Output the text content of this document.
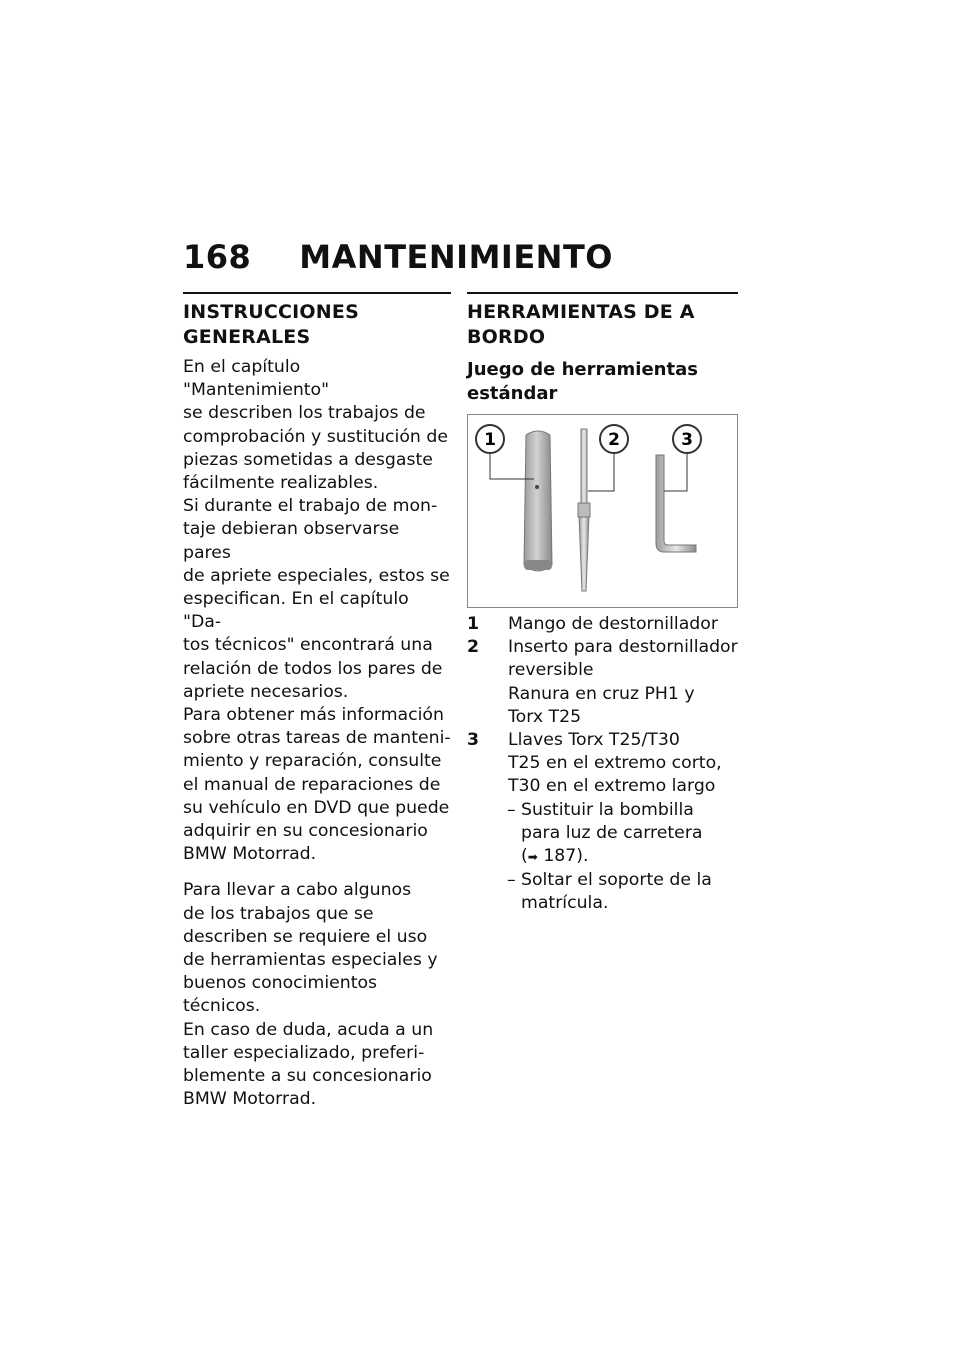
168 MANTENIMIENTO
INSTRUCCIONES GENERALES

En el capítulo "Mantenimiento"
se describen los trabajos de
comprobación y sustitución de
piezas sometidas a desgaste
fácilmente realizables.

Si durante el trabajo de mon-
taje debieran observarse pares
de apriete especiales, estos se
especifican. En el capítulo "Da-
tos técnicos" encontrará una
relación de todos los pares de
apriete necesarios.

Para obtener más información
sobre otras tareas de manteni-
miento y reparación, consulte
el manual de reparaciones de
su vehículo en DVD que puede
adquirir en su concesionario
BMW Motorrad.

Para llevar a cabo algunos
de los trabajos que se
describen se requiere el uso
de herramientas especiales y
buenos conocimientos técnicos.
En caso de duda, acuda a un
taller especializado, preferi-
blemente a su concesionario
BMW Motorrad.

HERRAMIENTAS DE A
BORDO
Juego de herramientas
estándar
1	2	3
1	Mango de destornillador
2	Inserto para destornillador
reversible
Ranura en cruz PH1 y
Torx T25
3	Llaves Torx T25/T30
T25 en el extremo corto,
T30 en el extremo largo
– Sustituir la bombilla
para luz de carretera
(➡ 187).
– Soltar el soporte de la
matrícula.
